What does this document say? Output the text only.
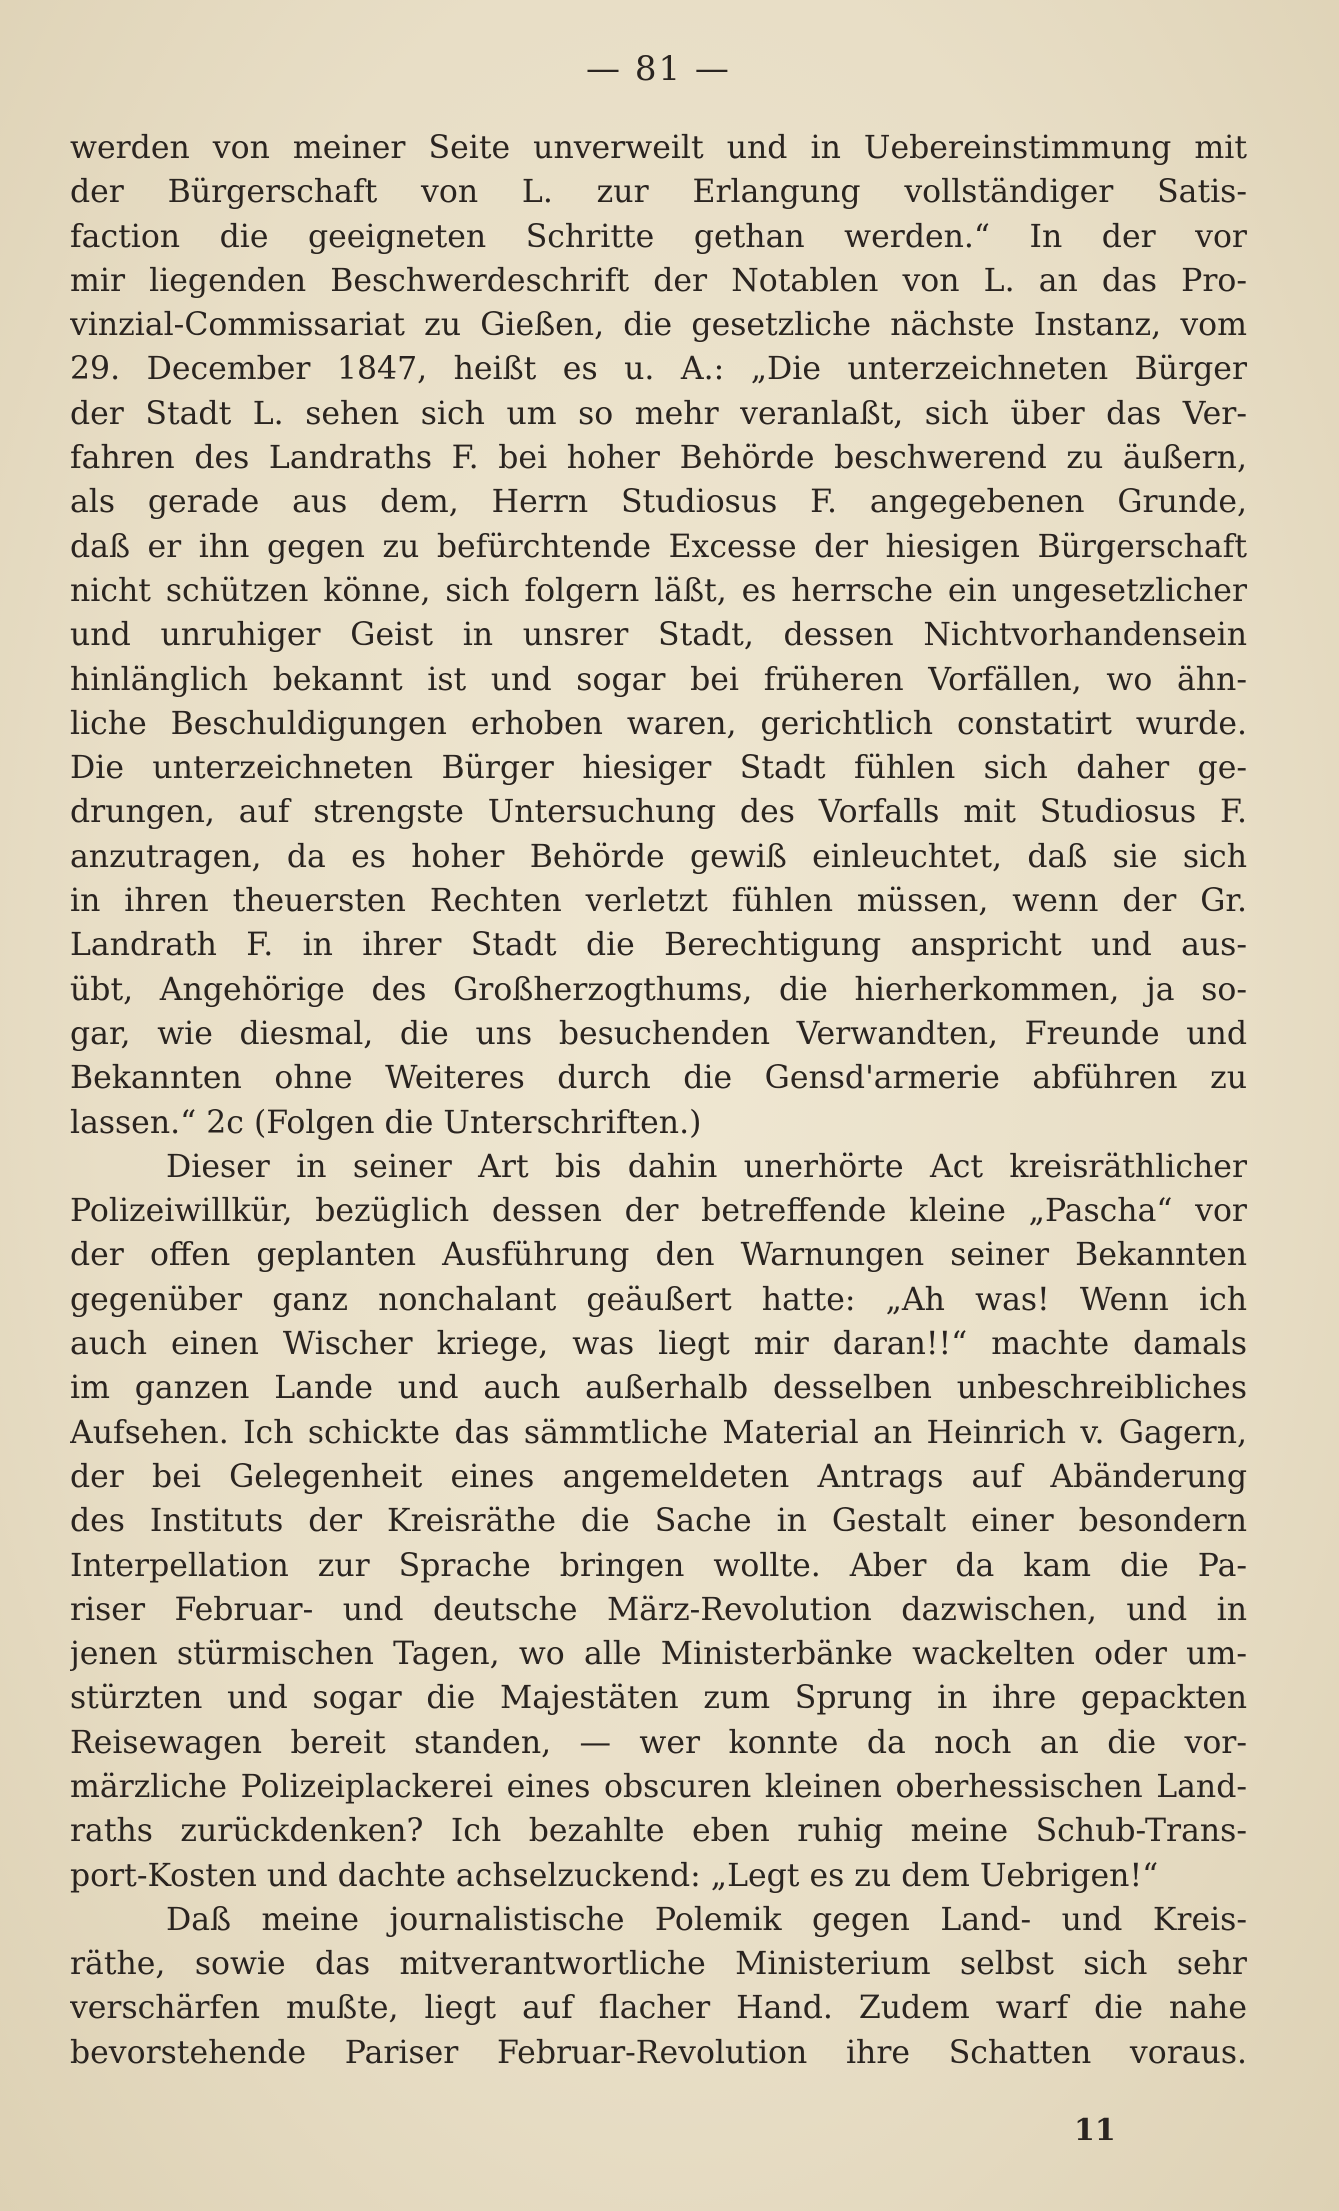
— 81 —
werden von meiner Seite unverweilt und in Uebereinstimmung mit
der Bürgerschaft von L. zur Erlangung vollständiger Satis-
faction die geeigneten Schritte gethan werden.“ In der vor
mir liegenden Beschwerdeschrift der Notablen von L. an das Pro-
vinzial-Commissariat zu Gießen, die gesetzliche nächste Instanz, vom
29. December 1847, heißt es u. A.: „Die unterzeichneten Bürger
der Stadt L. sehen sich um so mehr veranlaßt, sich über das Ver-
fahren des Landraths F. bei hoher Behörde beschwerend zu äußern,
als gerade aus dem, Herrn Studiosus F. angegebenen Grunde,
daß er ihn gegen zu befürchtende Excesse der hiesigen Bürgerschaft
nicht schützen könne, sich folgern läßt, es herrsche ein ungesetzlicher
und unruhiger Geist in unsrer Stadt, dessen Nichtvorhandensein
hinlänglich bekannt ist und sogar bei früheren Vorfällen, wo ähn-
liche Beschuldigungen erhoben waren, gerichtlich constatirt wurde.
Die unterzeichneten Bürger hiesiger Stadt fühlen sich daher ge-
drungen, auf strengste Untersuchung des Vorfalls mit Studiosus F.
anzutragen, da es hoher Behörde gewiß einleuchtet, daß sie sich
in ihren theuersten Rechten verletzt fühlen müssen, wenn der Gr.
Landrath F. in ihrer Stadt die Berechtigung anspricht und aus-
übt, Angehörige des Großherzogthums, die hierherkommen, ja so-
gar, wie diesmal, die uns besuchenden Verwandten, Freunde und
Bekannten ohne Weiteres durch die Gensd'armerie abführen zu
lassen.“ 2c (Folgen die Unterschriften.)
Dieser in seiner Art bis dahin unerhörte Act kreisräthlicher
Polizeiwillkür, bezüglich dessen der betreffende kleine „Pascha“ vor
der offen geplanten Ausführung den Warnungen seiner Bekannten
gegenüber ganz nonchalant geäußert hatte: „Ah was! Wenn ich
auch einen Wischer kriege, was liegt mir daran!!“ machte damals
im ganzen Lande und auch außerhalb desselben unbeschreibliches
Aufsehen. Ich schickte das sämmtliche Material an Heinrich v. Gagern,
der bei Gelegenheit eines angemeldeten Antrags auf Abänderung
des Instituts der Kreisräthe die Sache in Gestalt einer besondern
Interpellation zur Sprache bringen wollte. Aber da kam die Pa-
riser Februar- und deutsche März-Revolution dazwischen, und in
jenen stürmischen Tagen, wo alle Ministerbänke wackelten oder um-
stürzten und sogar die Majestäten zum Sprung in ihre gepackten
Reisewagen bereit standen, — wer konnte da noch an die vor-
märzliche Polizeiplackerei eines obscuren kleinen oberhessischen Land-
raths zurückdenken? Ich bezahlte eben ruhig meine Schub-Trans-
port-Kosten und dachte achselzuckend: „Legt es zu dem Uebrigen!“
Daß meine journalistische Polemik gegen Land- und Kreis-
räthe, sowie das mitverantwortliche Ministerium selbst sich sehr
verschärfen mußte, liegt auf flacher Hand. Zudem warf die nahe
bevorstehende Pariser Februar-Revolution ihre Schatten voraus.
11
